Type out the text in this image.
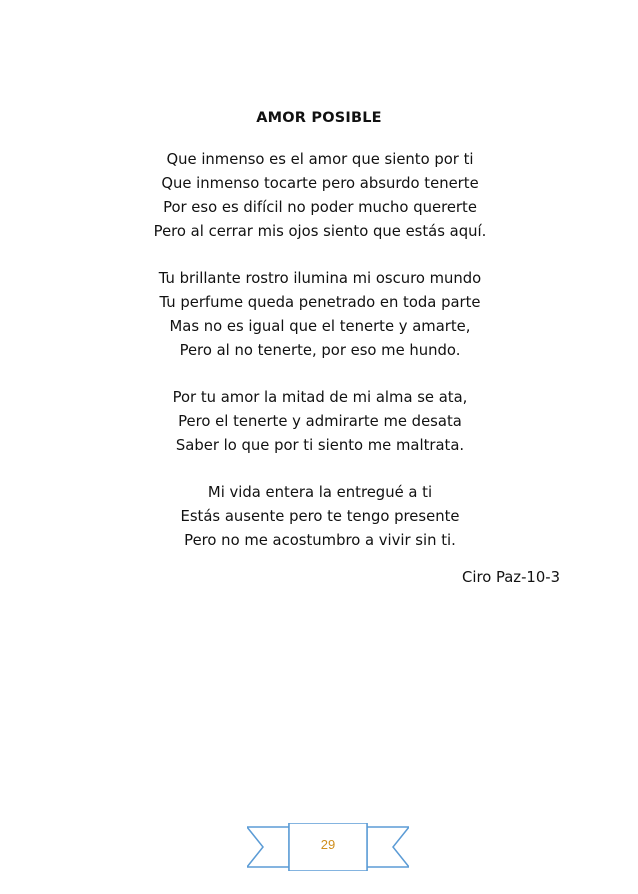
AMOR POSIBLE
Que inmenso es el amor que siento por ti
Que inmenso tocarte pero absurdo tenerte
Por eso es difícil no poder mucho quererte
Pero al cerrar mis ojos siento que estás aquí.
Tu brillante rostro ilumina mi oscuro mundo
Tu perfume queda penetrado en toda parte
Mas no es igual que el tenerte y amarte,
Pero al no tenerte, por eso me hundo.
Por tu amor la mitad de mi alma se ata,
Pero el tenerte y admirarte me desata
Saber lo que por ti siento me maltrata.
Mi vida entera la entregué a ti
Estás ausente pero te tengo presente
Pero no me acostumbro a vivir sin ti.
Ciro Paz-10-3
29
